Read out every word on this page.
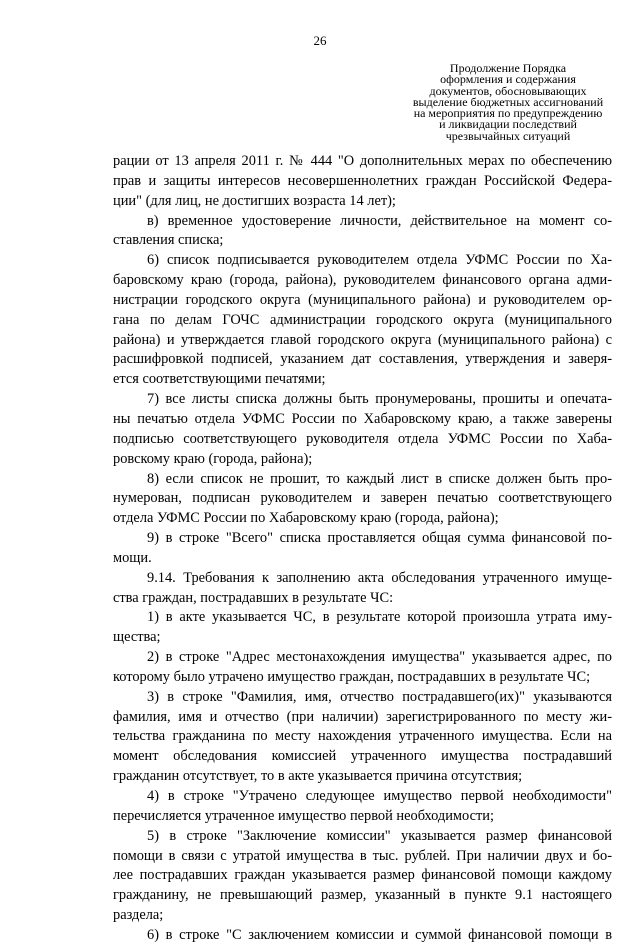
26
Продолжение Порядка
оформления и содержания
документов, обосновывающих
выделение бюджетных ассигнований
на мероприятия по предупреждению
и ликвидации последствий
чрезвычайных ситуаций
рации от 13 апреля 2011 г. № 444 "О дополнительных мерах по обеспечению
прав и защиты интересов несовершеннолетних граждан Российской Федера-
ции" (для лиц, не достигших возраста 14 лет);
в) временное удостоверение личности, действительное на момент со-
ставления списка;
6) список подписывается руководителем отдела УФМС России по Ха-
баровскому краю (города, района), руководителем финансового органа адми-
нистрации городского округа (муниципального района) и руководителем ор-
гана по делам ГОЧС администрации городского округа (муниципального
района) и утверждается главой городского округа (муниципального района) с
расшифровкой подписей, указанием дат составления, утверждения и заверя-
ется соответствующими печатями;
7) все листы списка должны быть пронумерованы, прошиты и опечата-
ны печатью отдела УФМС России по Хабаровскому краю, а также заверены
подписью соответствующего руководителя отдела УФМС России по Хаба-
ровскому краю (города, района);
8) если список не прошит, то каждый лист в списке должен быть про-
нумерован, подписан руководителем и заверен печатью соответствующего
отдела УФМС России по Хабаровскому краю (города, района);
9) в строке "Всего" списка проставляется общая сумма финансовой по-
мощи.
9.14. Требования к заполнению акта обследования утраченного имуще-
ства граждан, пострадавших в результате ЧС:
1) в акте указывается ЧС, в результате которой произошла утрата иму-
щества;
2) в строке "Адрес местонахождения имущества" указывается адрес, по
которому было утрачено имущество граждан, пострадавших в результате ЧС;
3) в строке "Фамилия, имя, отчество пострадавшего(их)" указываются
фамилия, имя и отчество (при наличии) зарегистрированного по месту жи-
тельства гражданина по месту нахождения утраченного имущества. Если на
момент обследования комиссией утраченного имущества пострадавший
гражданин отсутствует, то в акте указывается причина отсутствия;
4) в строке "Утрачено следующее имущество первой необходимости"
перечисляется утраченное имущество первой необходимости;
5) в строке "Заключение комиссии" указывается размер финансовой
помощи в связи с утратой имущества в тыс. рублей. При наличии двух и бо-
лее пострадавших граждан указывается размер финансовой помощи каждому
гражданину, не превышающий размер, указанный в пункте 9.1 настоящего
раздела;
6) в строке "С заключением комиссии и суммой финансовой помощи в
